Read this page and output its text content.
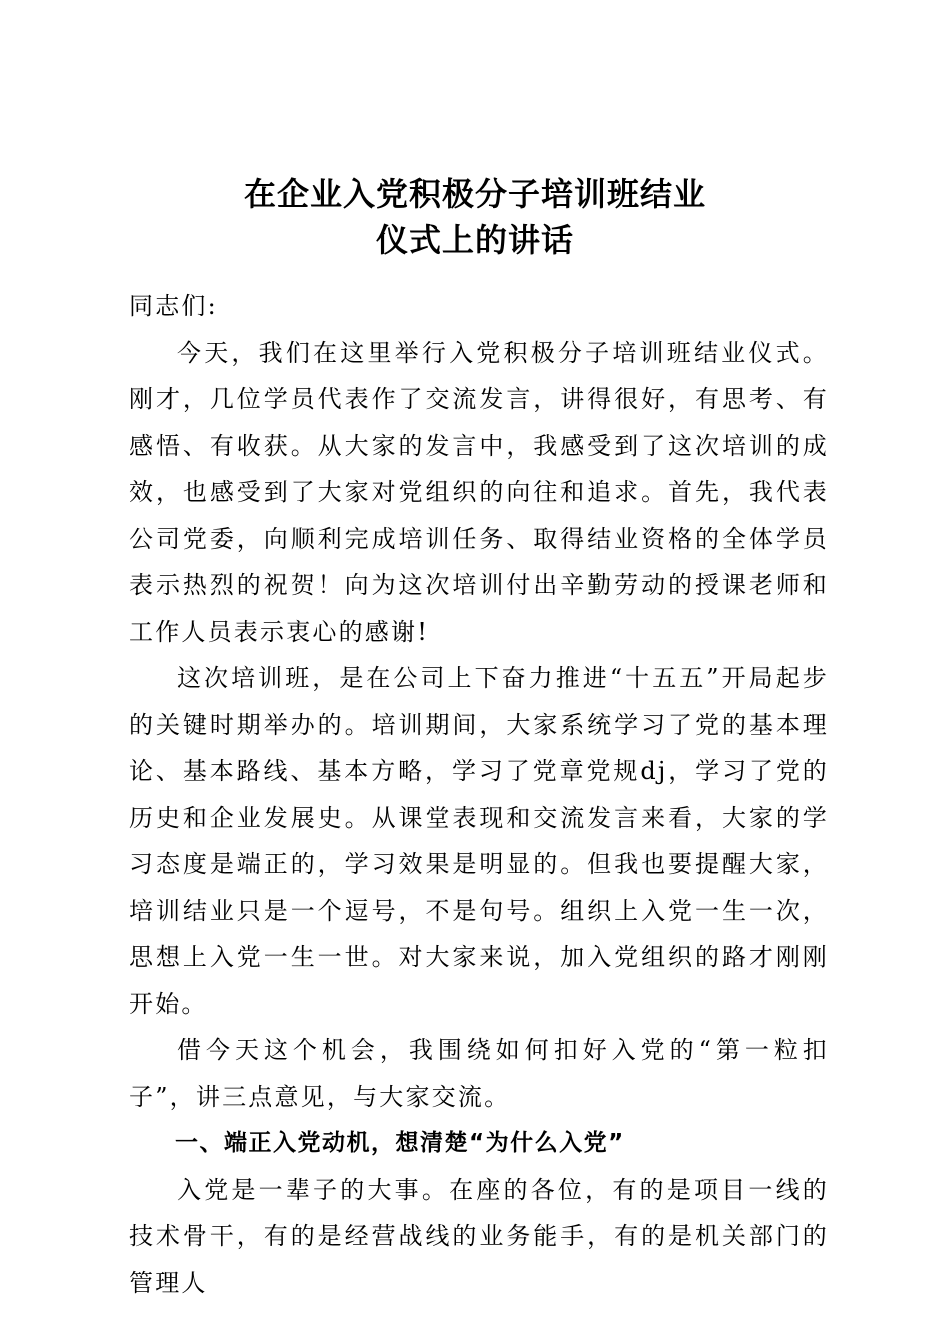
在企业入党积极分子培训班结业
仪式上的讲话

同志们:

今天，我们在这里举行入党积极分子培训班结业仪式。刚才，几位学员代表作了交流发言，讲得很好，有思考、有感悟、有收获。从大家的发言中，我感受到了这次培训的成效，也感受到了大家对党组织的向往和追求。首先，我代表公司党委，向顺利完成培训任务、取得结业资格的全体学员表示热烈的祝贺！向为这次培训付出辛勤劳动的授课老师和工作人员表示衷心的感谢!

这次培训班，是在公司上下奋力推进“十五五”开局起步的关键时期举办的。培训期间，大家系统学习了党的基本理论、基本路线、基本方略，学习了党章党规dj，学习了党的历史和企业发展史。从课堂表现和交流发言来看，大家的学习态度是端正的，学习效果是明显的。但我也要提醒大家，培训结业只是一个逗号，不是句号。组织上入党一生一次，思想上入党一生一世。对大家来说，加入党组织的路才刚刚开始。

借今天这个机会，我围绕如何扣好入党的“第一粒扣子”，讲三点意见，与大家交流。

一、端正入党动机，想清楚“为什么入党”

入党是一辈子的大事。在座的各位，有的是项目一线的技术骨干，有的是经营战线的业务能手，有的是机关部门的管理人
